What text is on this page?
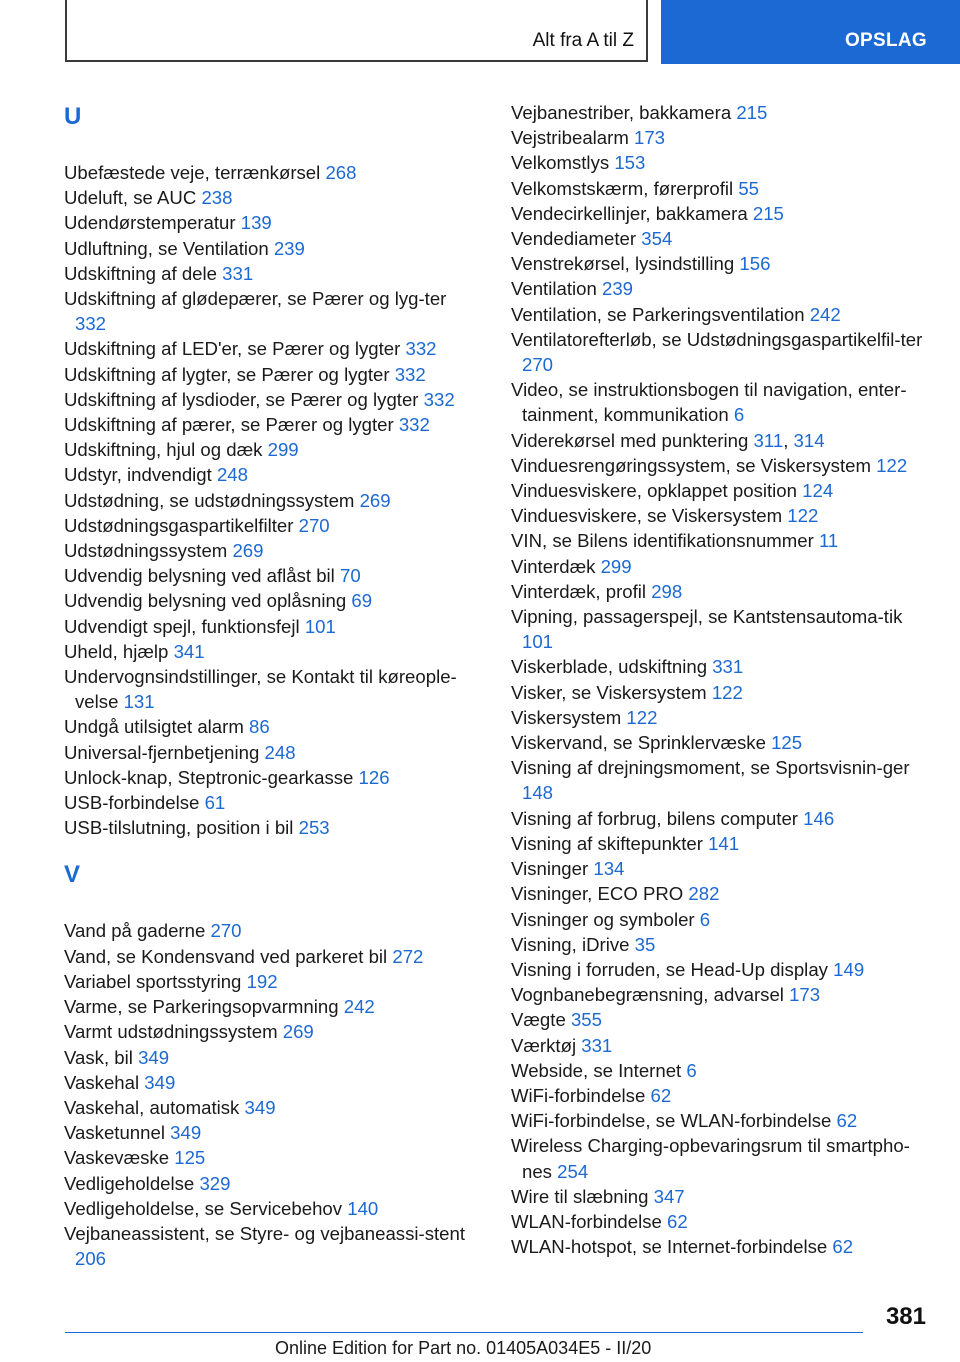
Alt fra A til Z	OPSLAG
U
Ubefæstede veje, terrænkørsel 268
Udeluft, se AUC 238
Udendørstemperatur 139
Udluftning, se Ventilation 239
Udskiftning af dele 331
Udskiftning af glødepærer, se Pærer og lyg-ter 332
Udskiftning af LED'er, se Pærer og lygter 332
Udskiftning af lygter, se Pærer og lygter 332
Udskiftning af lysdioder, se Pærer og lygter 332
Udskiftning af pærer, se Pærer og lygter 332
Udskiftning, hjul og dæk 299
Udstyr, indvendigt 248
Udstødning, se udstødningssystem 269
Udstødningsgaspartikelfilter 270
Udstødningssystem 269
Udvendig belysning ved aflåst bil 70
Udvendig belysning ved oplåsning 69
Udvendigt spejl, funktionsfejl 101
Uheld, hjælp 341
Undervognsindstillinger, se Kontakt til køreople-velse 131
Undgå utilsigtet alarm 86
Universal-fjernbetjening 248
Unlock-knap, Steptronic-gearkasse 126
USB-forbindelse 61
USB-tilslutning, position i bil 253
V
Vand på gaderne 270
Vand, se Kondensvand ved parkeret bil 272
Variabel sportsstyring 192
Varme, se Parkeringsopvarmning 242
Varmt udstødningssystem 269
Vask, bil 349
Vaskehal 349
Vaskehal, automatisk 349
Vasketunnel 349
Vaskevæske 125
Vedligeholdelse 329
Vedligeholdelse, se Servicebehov 140
Vejbaneassistent, se Styre- og vejbaneassi-stent 206
Vejbanestriber, bakkamera 215
Vejstribealarm 173
Velkomstlys 153
Velkomstskærm, førerprofil 55
Vendecirkellinjer, bakkamera 215
Vendediameter 354
Venstrekørsel, lysindstilling 156
Ventilation 239
Ventilation, se Parkeringsventilation 242
Ventilatorefterløb, se Udstødningsgaspartikelfil-ter 270
Video, se instruktionsbogen til navigation, enter-tainment, kommunikation 6
Viderekørsel med punktering 311, 314
Vinduesrengøringssystem, se Viskersystem 122
Vinduesviskere, opklappet position 124
Vinduesviskere, se Viskersystem 122
VIN, se Bilens identifikationsnummer 11
Vinterdæk 299
Vinterdæk, profil 298
Vipning, passagerspejl, se Kantstensautoma-tik 101
Viskerblade, udskiftning 331
Visker, se Viskersystem 122
Viskersystem 122
Viskervand, se Sprinklervæske 125
Visning af drejningsmoment, se Sportsvisnin-ger 148
Visning af forbrug, bilens computer 146
Visning af skiftepunkter 141
Visninger 134
Visninger, ECO PRO 282
Visninger og symboler 6
Visning, iDrive 35
Visning i forruden, se Head-Up display 149
Vognbanebegrænsning, advarsel 173
Vægte 355
Værktøj 331
Webside, se Internet 6
WiFi-forbindelse 62
WiFi-forbindelse, se WLAN-forbindelse 62
Wireless Charging-opbevaringsrum til smartpho-nes 254
Wire til slæbning 347
WLAN-forbindelse 62
WLAN-hotspot, se Internet-forbindelse 62
381
Online Edition for Part no. 01405A034E5 - II/20
